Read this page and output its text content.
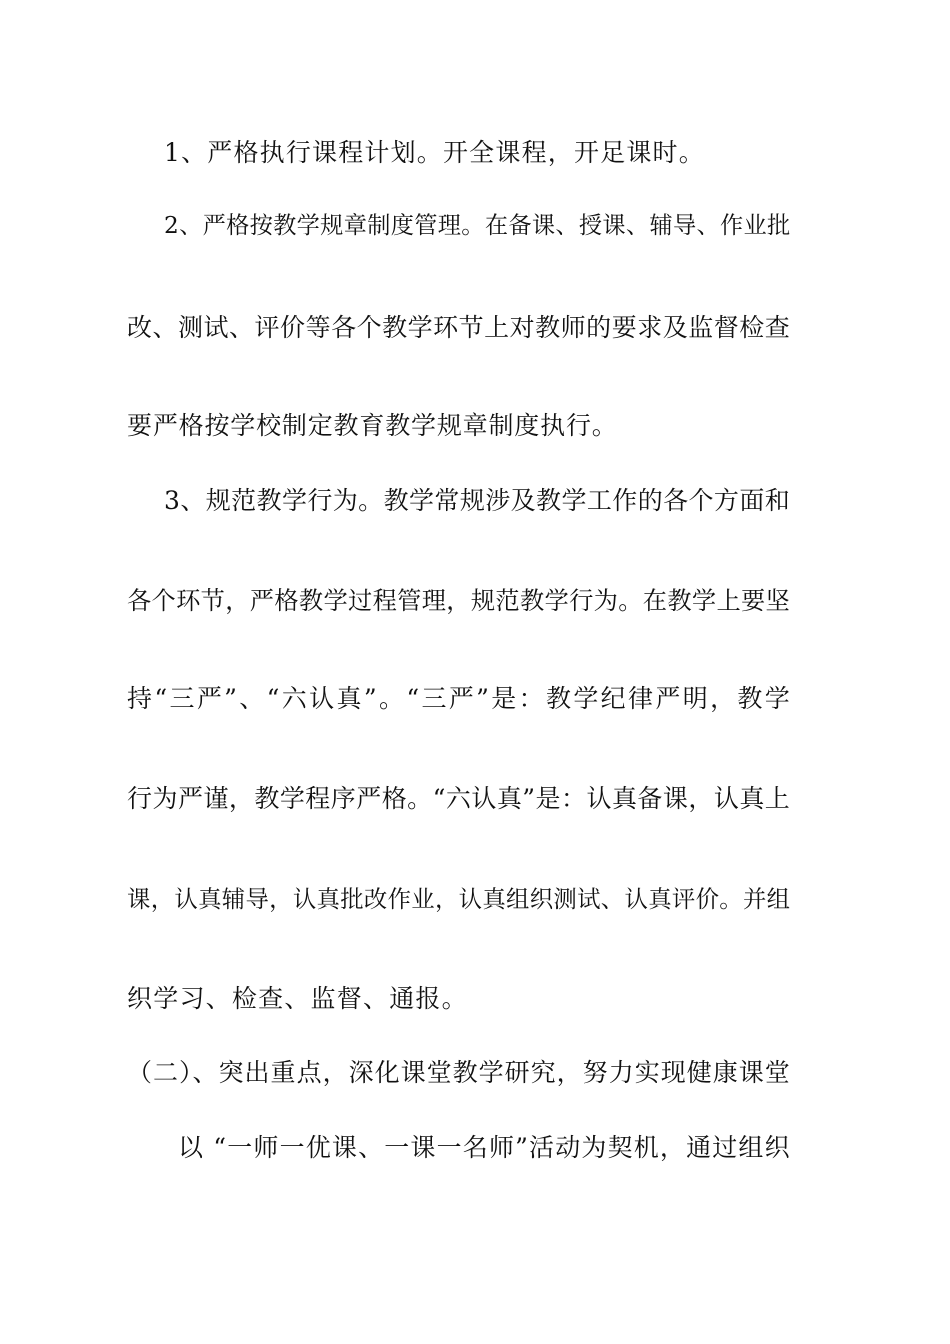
1、严格执行课程计划。开全课程，开足课时。
2、严格按教学规章制度管理。在备课、授课、辅导、作业批
改、测试、评价等各个教学环节上对教师的要求及监督检查
要严格按学校制定教育教学规章制度执行。
3、规范教学行为。教学常规涉及教学工作的各个方面和
各个环节，严格教学过程管理，规范教学行为。在教学上要坚
持“三严”、“六认真”。“三严”是：教学纪律严明，教学
行为严谨，教学程序严格。“六认真”是：认真备课，认真上
课，认真辅导，认真批改作业，认真组织测试、认真评价。并组
织学习、检查、监督、通报。
（二）、突出重点，深化课堂教学研究，努力实现健康课堂
以 “一师一优课、一课一名师”活动为契机，通过组织
